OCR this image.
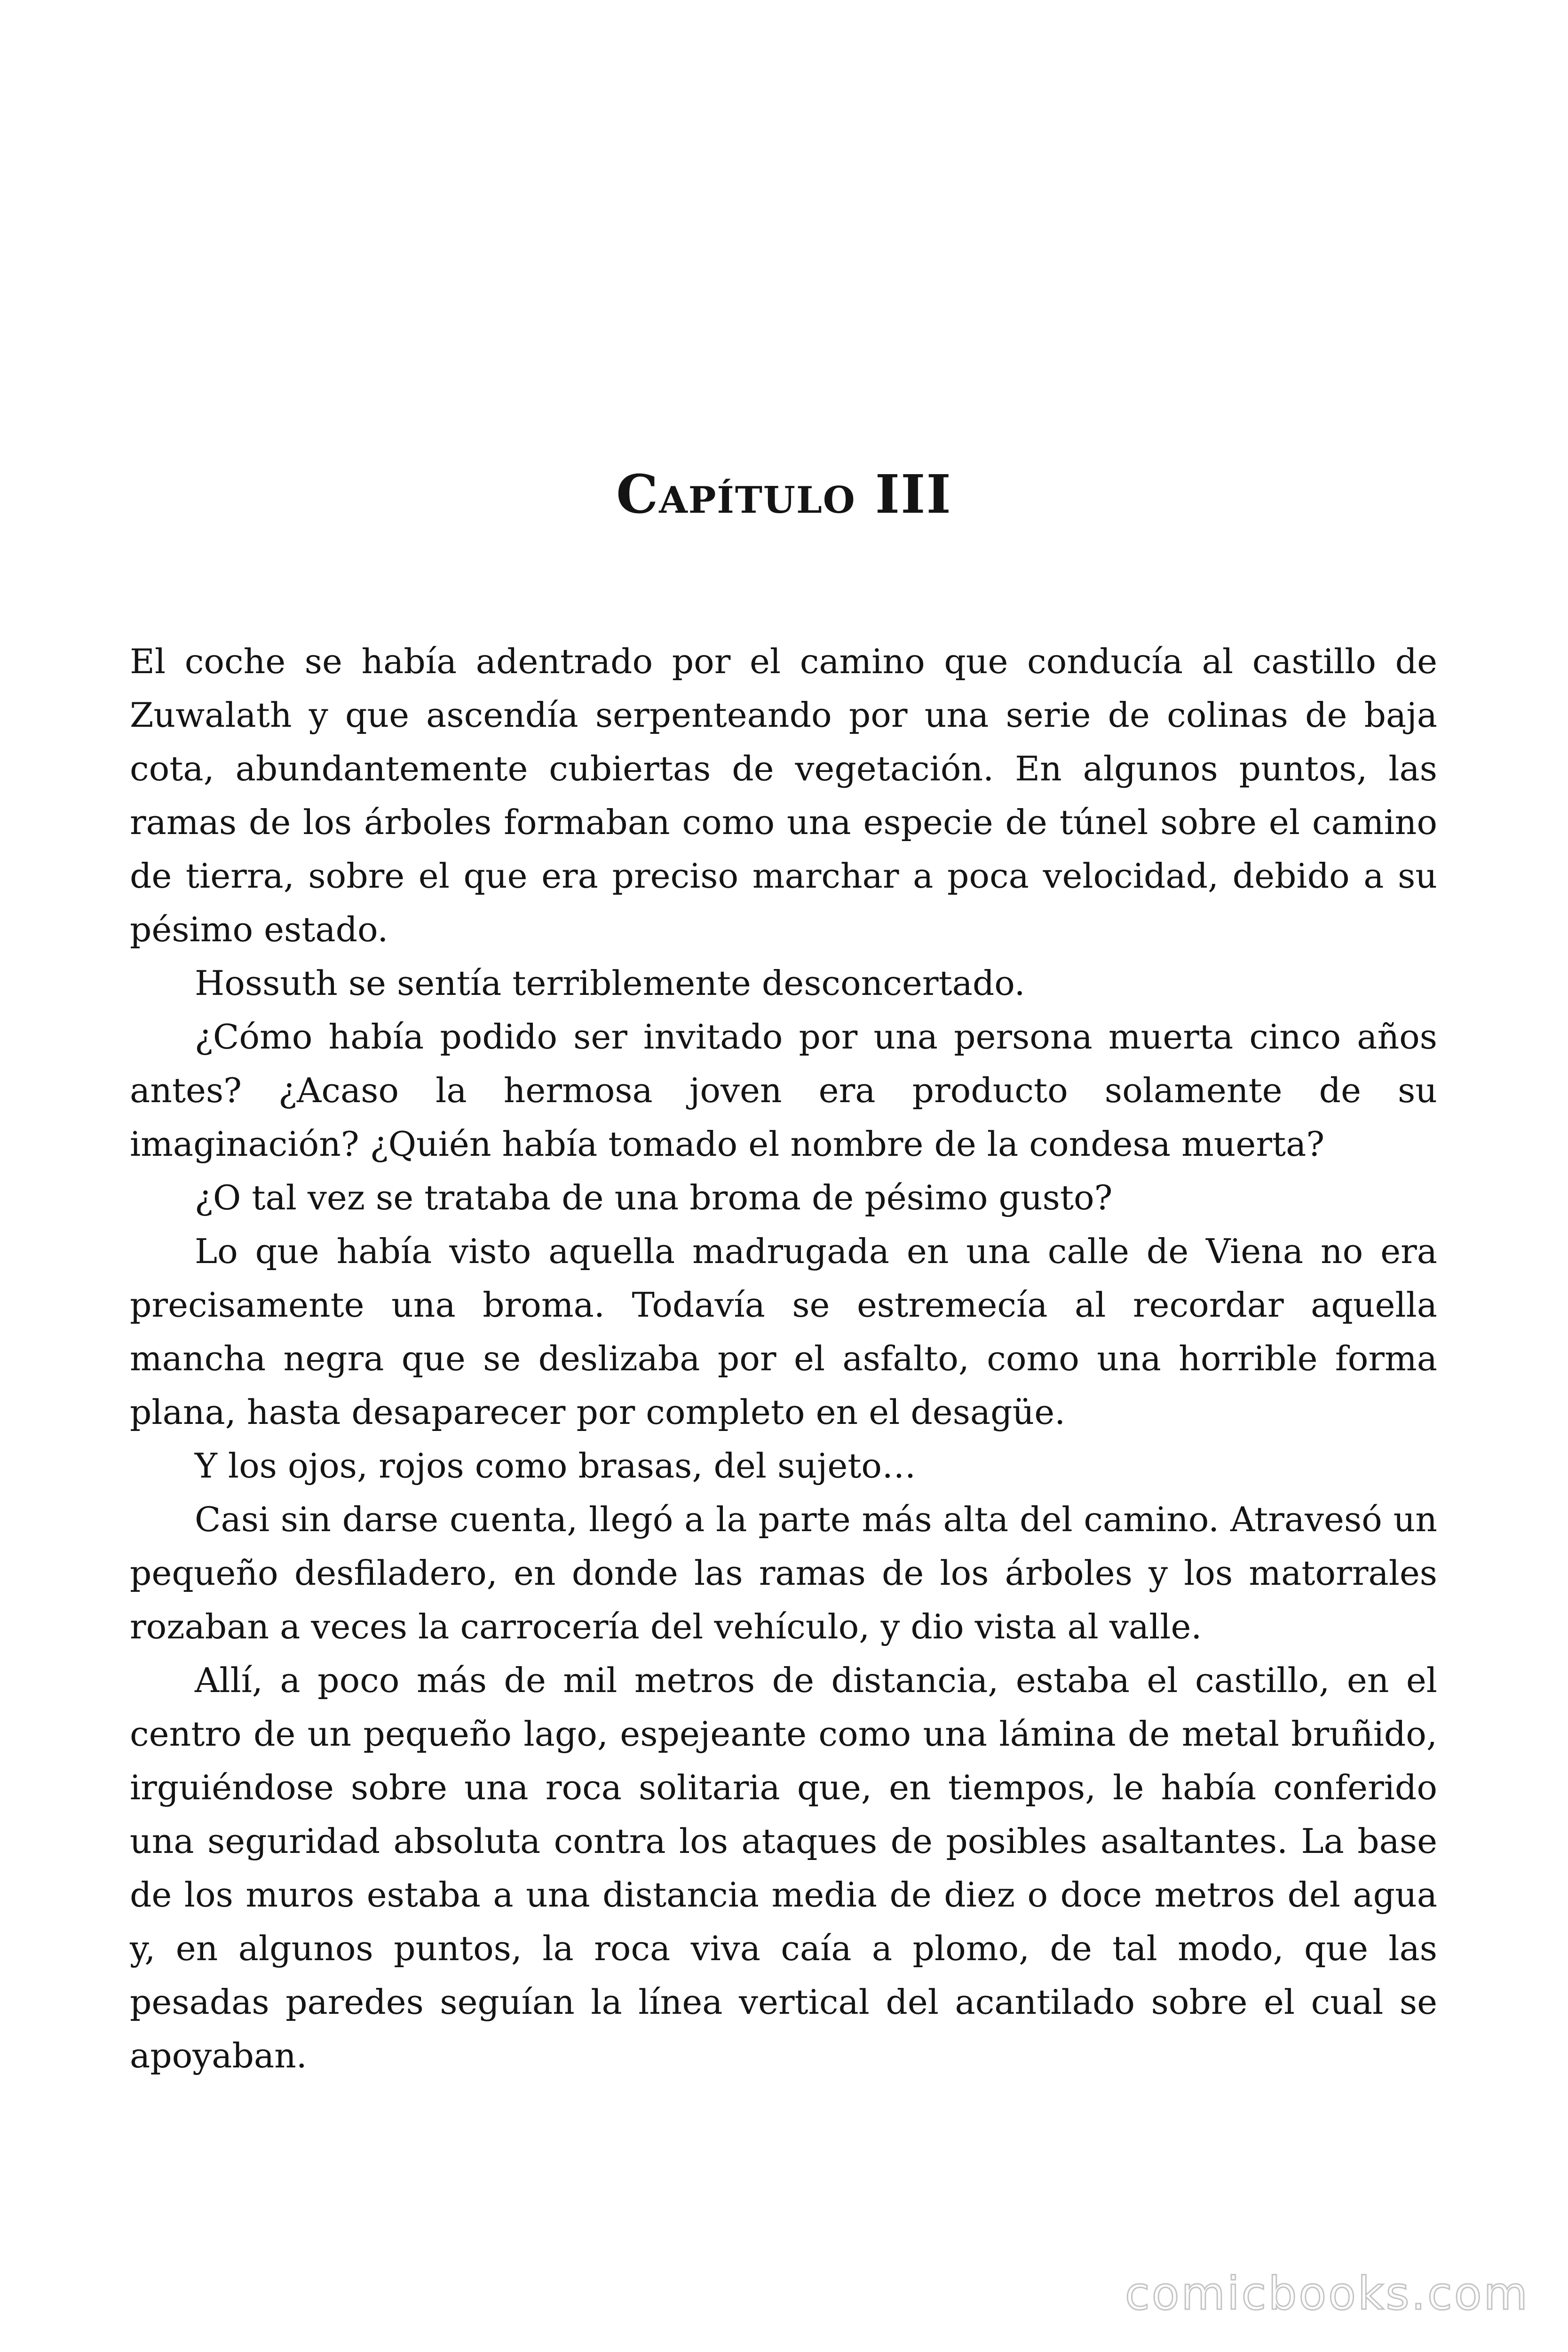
Capítulo III

El coche se había adentrado por el camino que conducía al castillo de Zuwalath y que ascendía serpenteando por una serie de colinas de baja cota, abundantemente cubiertas de vegetación. En algunos puntos, las ramas de los árboles formaban como una especie de túnel sobre el camino de tierra, sobre el que era preciso marchar a poca velocidad, debido a su pésimo estado.

Hossuth se sentía terriblemente desconcertado.

¿Cómo había podido ser invitado por una persona muerta cinco años antes? ¿Acaso la hermosa joven era producto solamente de su imaginación? ¿Quién había tomado el nombre de la condesa muerta?

¿O tal vez se trataba de una broma de pésimo gusto?

Lo que había visto aquella madrugada en una calle de Viena no era precisamente una broma. Todavía se estremecía al recordar aquella mancha negra que se deslizaba por el asfalto, como una horrible forma plana, hasta desaparecer por completo en el desagüe.

Y los ojos, rojos como brasas, del sujeto…

Casi sin darse cuenta, llegó a la parte más alta del camino. Atravesó un pequeño desfiladero, en donde las ramas de los árboles y los matorrales rozaban a veces la carrocería del vehículo, y dio vista al valle.

Allí, a poco más de mil metros de distancia, estaba el castillo, en el centro de un pequeño lago, espejeante como una lámina de metal bruñido, irguiéndose sobre una roca solitaria que, en tiempos, le había conferido una seguridad absoluta contra los ataques de posibles asaltantes. La base de los muros estaba a una distancia media de diez o doce metros del agua y, en algunos puntos, la roca viva caía a plomo, de tal modo, que las pesadas paredes seguían la línea vertical del acantilado sobre el cual se apoyaban.

comicbooks.com
